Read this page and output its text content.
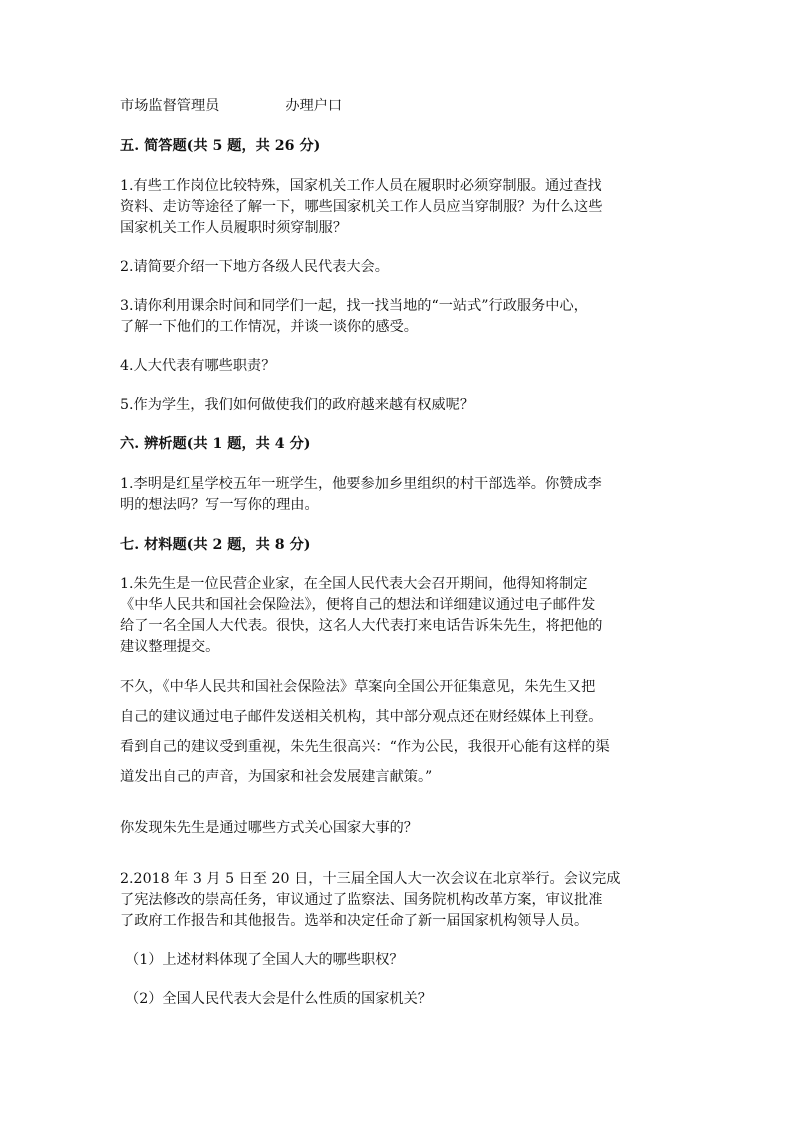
市场监督管理员	办理户口
五. 简答题(共 5 题，共 26 分)
1.有些工作岗位比较特殊，国家机关工作人员在履职时必须穿制服。通过查找
资料、走访等途径了解一下，哪些国家机关工作人员应当穿制服？为什么这些
国家机关工作人员履职时须穿制服？
2.请简要介绍一下地方各级人民代表大会。
3.请你利用课余时间和同学们一起，找一找当地的“一站式”行政服务中心，
了解一下他们的工作情况，并谈一谈你的感受。
4.人大代表有哪些职责？
5.作为学生，我们如何做使我们的政府越来越有权威呢？
六. 辨析题(共 1 题，共 4 分)
1.李明是红星学校五年一班学生，他要参加乡里组织的村干部选举。你赞成李
明的想法吗？写一写你的理由。
七. 材料题(共 2 题，共 8 分)
1.朱先生是一位民营企业家，在全国人民代表大会召开期间，他得知将制定
《中华人民共和国社会保险法》，便将自己的想法和详细建议通过电子邮件发
给了一名全国人大代表。很快，这名人大代表打来电话告诉朱先生，将把他的
建议整理提交。
不久，《中华人民共和国社会保险法》草案向全国公开征集意见，朱先生又把
自己的建议通过电子邮件发送相关机构，其中部分观点还在财经媒体上刊登。
看到自己的建议受到重视，朱先生很高兴：“作为公民，我很开心能有这样的渠
道发出自己的声音，为国家和社会发展建言献策。”
你发现朱先生是通过哪些方式关心国家大事的？
2.2018 年 3 月 5 日至 20 日，十三届全国人大一次会议在北京举行。会议完成
了宪法修改的崇高任务，审议通过了监察法、国务院机构改革方案，审议批准
了政府工作报告和其他报告。选举和决定任命了新一届国家机构领导人员。
（1）上述材料体现了全国人大的哪些职权？
（2）全国人民代表大会是什么性质的国家机关？
